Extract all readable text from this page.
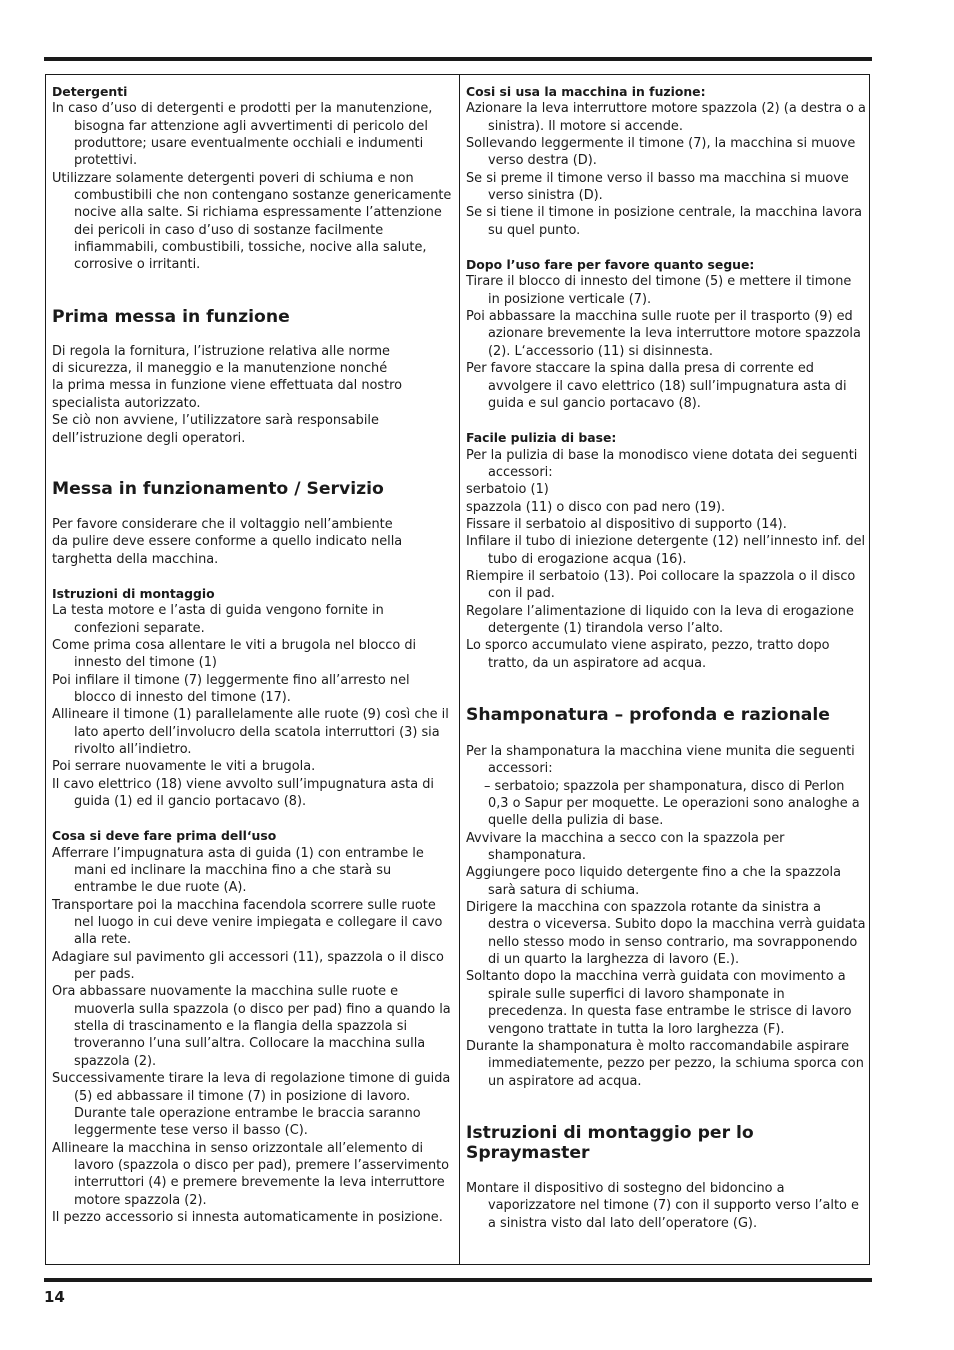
Detergenti

In caso d’uso di detergenti e prodotti per la manutenzione, bisogna far attenzione agli avvertimenti di pericolo del produttore; usare eventualmente occhiali e indumenti protettivi.

Utilizzare solamente detergenti poveri di schiuma e non combustibili che non contengano sostanze genericamente nocive alla salte. Si richiama espressamente l’attenzione dei pericoli in caso d’uso di sostanze facilmente infiammabili, combustibili, tossiche, nocive alla salute, corrosive o irritanti.

Prima messa in funzione

Di regola la fornitura, l’istruzione relativa alle norme

di sicurezza, il maneggio e la manutenzione nonché

la prima messa in funzione viene effettuata dal nostro

specialista autorizzato.

Se ciò non avviene, l’utilizzatore sarà responsabile

dell’istruzione degli operatori.

Messa in funzionamento / Servizio

Per favore considerare che il voltaggio nell’ambiente

da pulire deve essere conforme a quello indicato nella

targhetta della macchina.

Istruzioni di montaggio

La testa motore e l’asta di guida vengono fornite in confezioni separate.

Come prima cosa allentare le viti a brugola nel blocco di innesto del timone (1)

Poi infilare il timone (7) leggermente fino all’arresto nel blocco di innesto del timone (17).

Allineare il timone (1) parallelamente alle ruote (9) così che il lato aperto dell’involucro della scatola interruttori (3) sia rivolto all’indietro.

Poi serrare nuovamente le viti a brugola.

Il cavo elettrico (18) viene avvolto sull’impugnatura asta di guida (1) ed il gancio portacavo (8).

Cosa si deve fare prima dell‘uso

Afferrare l’impugnatura asta di guida (1) con entrambe le mani ed inclinare la macchina fino a che starà su entrambe le due ruote (A).

Transportare poi la macchina facendola scorrere sulle ruote nel luogo in cui deve venire impiegata e collegare il cavo alla rete.

Adagiare sul pavimento gli accessori (11), spazzola o il disco per pads.

Ora abbassare nuovamente la macchina sulle ruote e muoverla sulla spazzola (o disco per pad) fino a quando la stella di trascinamento e la flangia della spazzola si troveranno l’una sull’altra. Collocare la macchina sulla spazzola (2).

Successivamente tirare la leva di regolazione timone di guida (5) ed abbassare il timone (7) in posizione di lavoro. Durante tale operazione entrambe le braccia saranno leggermente tese verso il basso (C).

Allineare la macchina in senso orizzontale all’elemento di lavoro (spazzola o disco per pad), premere l’asservimento interruttori (4) e premere brevemente la leva interruttore motore spazzola (2).

Il pezzo accessorio si innesta automaticamente in posizione.

Cosi si usa la macchina in fuzione:

Azionare la leva interruttore motore spazzola (2) (a destra o a sinistra). Il motore si accende.

Sollevando leggermente il timone (7), la macchina si muove verso destra (D).

Se si preme il timone verso il basso ma macchina si muove verso sinistra (D).

Se si tiene il timone in posizione centrale, la macchina lavora su quel punto.

Dopo l’uso fare per favore quanto segue:

Tirare il blocco di innesto del timone (5) e mettere il timone in posizione verticale (7).

Poi abbassare la macchina sulle ruote per il trasporto (9) ed azionare brevemente la leva interruttore motore spazzola (2). L‘accessorio (11) si disinnesta.

Per favore staccare la spina dalla presa di corrente ed avvolgere il cavo elettrico (18) sull’impugnatura asta di guida e sul gancio portacavo (8).

Facile pulizia di base:

Per la pulizia di base la monodisco viene dotata dei seguenti accessori:

serbatoio (1)

spazzola (11) o disco con pad nero (19).

Fissare il serbatoio al dispositivo di supporto (14).

Infilare il tubo di iniezione detergente (12) nell’innesto inf. del tubo di erogazione acqua (16).

Riempire il serbatoio (13). Poi collocare la spazzola o il disco con il pad.

Regolare l’alimentazione di liquido con la leva di erogazione detergente (1) tirandola verso l’alto.

Lo sporco accumulato viene aspirato, pezzo, tratto dopo tratto, da un aspiratore ad acqua.

Shamponatura – profonda e razionale

Per la shamponatura la macchina viene munita die seguenti accessori:

– serbatoio; spazzola per shamponatura, disco di Perlon 0,3 o Sapur per moquette. Le operazioni sono analoghe a quelle della pulizia di base.

Avvivare la macchina a secco con la spazzola per shamponatura.

Aggiungere poco liquido detergente fino a che la spazzola sarà satura di schiuma.

Dirigere la macchina con spazzola rotante da sinistra a destra o viceversa. Subito dopo la macchina verrà guidata nello stesso modo in senso contrario, ma sovrapponendo di un quarto la larghezza di lavoro (E.).

Soltanto dopo la macchina verrà guidata con movimento a spirale sulle superfici di lavoro shamponate in precedenza. In questa fase entrambe le strisce di lavoro vengono trattate in tutta la loro larghezza (F).

Durante la shamponatura è molto raccomandabile aspirare immediatemente, pezzo per pezzo, la schiuma sporca con un aspiratore ad acqua.

Istruzioni di montaggio per lo
Spraymaster

Montare il dispositivo di sostegno del bidoncino a vaporizzatore nel timone (7) con il supporto verso l’alto e a sinistra visto dal lato dell’operatore (G).

14
